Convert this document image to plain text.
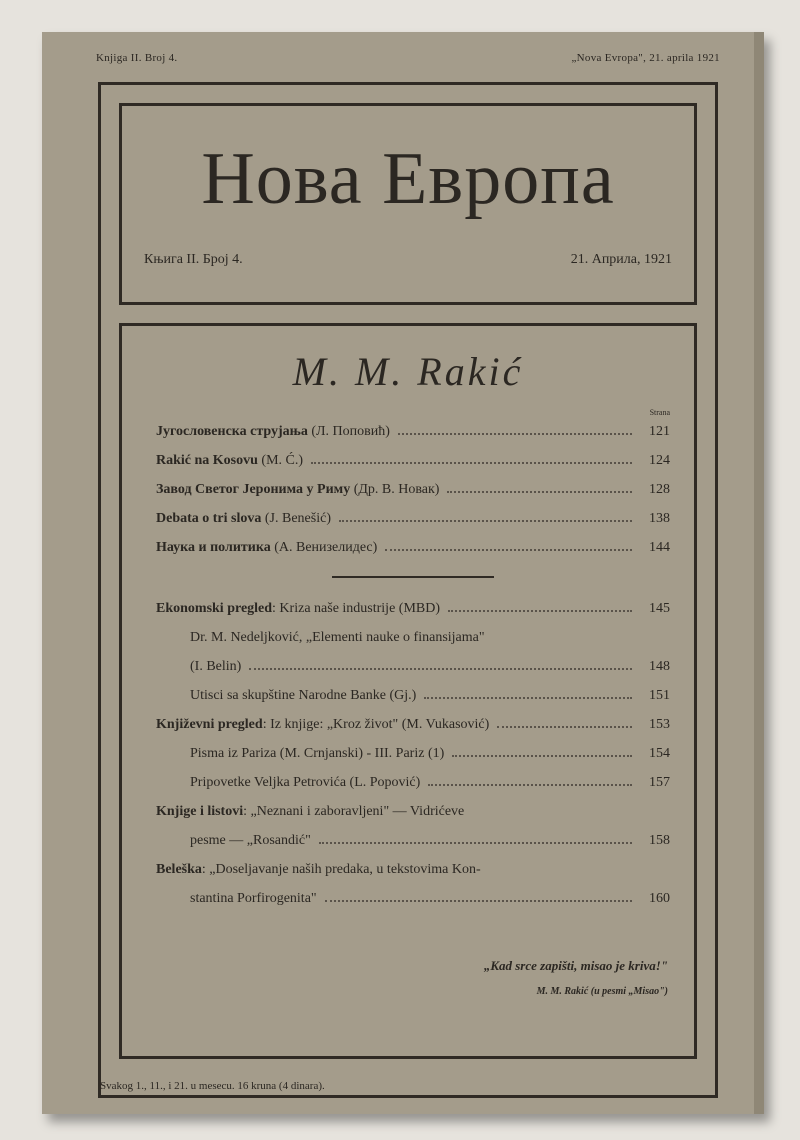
Knjiga II. Broj 4.	„Nova Evropa", 21. aprila 1921
Нова Европа
Књига II. Број 4.	21. Априла, 1921
M. M. Rakić
Strana
Југословенска струјања (Л. Поповић)	121
Rakić na Kosovu (M. Ć.)	124
Завод Светог Јеронима у Риму (Др. В. Новак)	128
Debata o tri slova (J. Benešić)	138
Наука и политика (А. Венизелидес)	144
Ekonomski pregled: Kriza naše industrije (MBD)	145
Dr. M. Nedeljković, „Elementi nauke o finansijama"
(I. Belin)	148
Utisci sa skupštine Narodne Banke (Gj.)	151
Književni pregled: Iz knjige: „Kroz život" (M. Vukasović)	153
Pisma iz Pariza (M. Crnjanski) - III. Pariz (1)	154
Pripovetke Veljka Petrovića (L. Popović)	157
Knjige i listovi: „Neznani i zaboravljeni" — Vidrićeve
pesme — „Rosandić"	158
Beleška: „Doseljavanje naših predaka, u tekstovima Kon-
stantina Porfirogenita"	160
„Kad srce zapišti, misao je kriva!"
M. M. Rakić (u pesmi „Misao")
Svakog 1., 11., i 21. u mesecu. 16 kruna (4 dinara).
